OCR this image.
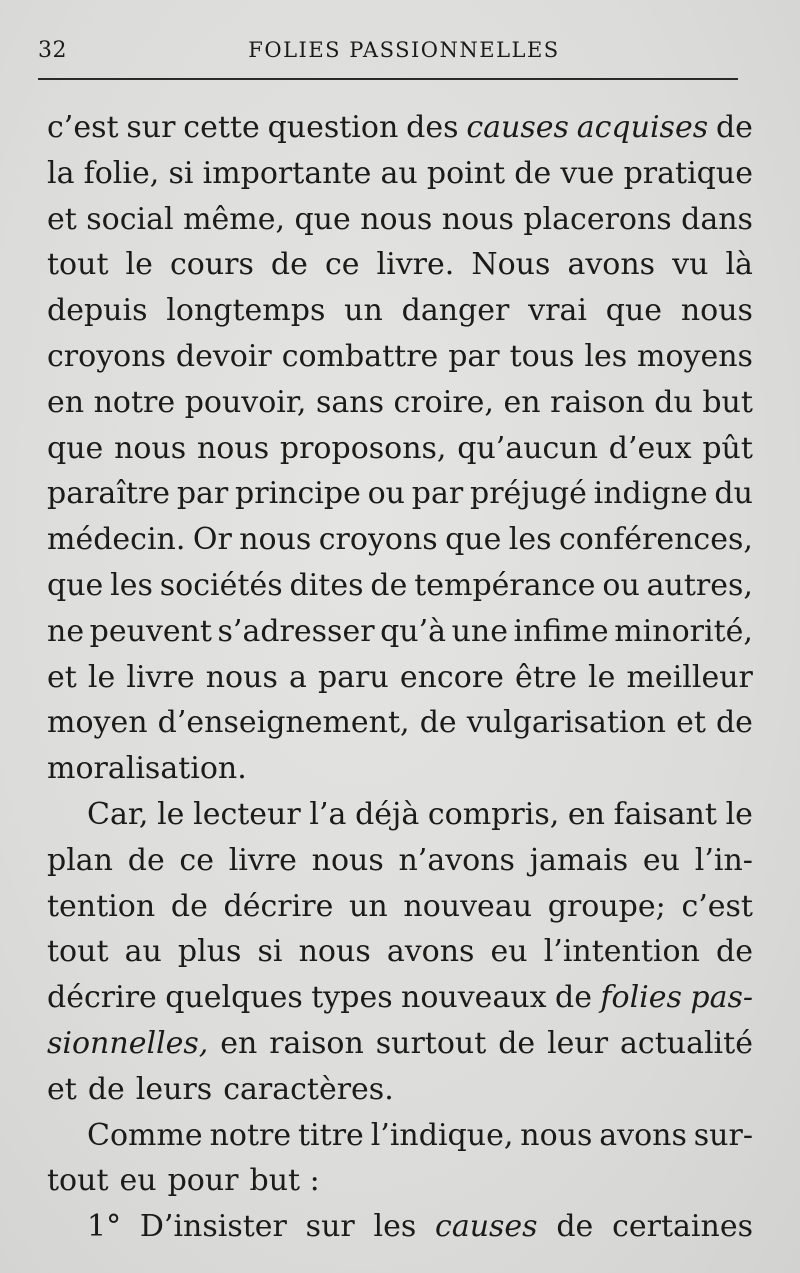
32	FOLIES PASSIONNELLES
c’est sur cette question des causes acquises de
la folie, si importante au point de vue pratique
et social même, que nous nous placerons dans
tout le cours de ce livre. Nous avons vu là
depuis longtemps un danger vrai que nous
croyons devoir combattre par tous les moyens
en notre pouvoir, sans croire, en raison du but
que nous nous proposons, qu’aucun d’eux pût
paraître par principe ou par préjugé indigne du
médecin. Or nous croyons que les conférences,
que les sociétés dites de tempérance ou autres,
ne peuvent s’adresser qu’à une infime minorité,
et le livre nous a paru encore être le meilleur
moyen d’enseignement, de vulgarisation et de
moralisation.
Car, le lecteur l’a déjà compris, en faisant le
plan de ce livre nous n’avons jamais eu l’in-
tention de décrire un nouveau groupe; c’est
tout au plus si nous avons eu l’intention de
décrire quelques types nouveaux de folies pas-
sionnelles, en raison surtout de leur actualité
et de leurs caractères.
Comme notre titre l’indique, nous avons sur-
tout eu pour but :
1° D’insister sur les causes de certaines
